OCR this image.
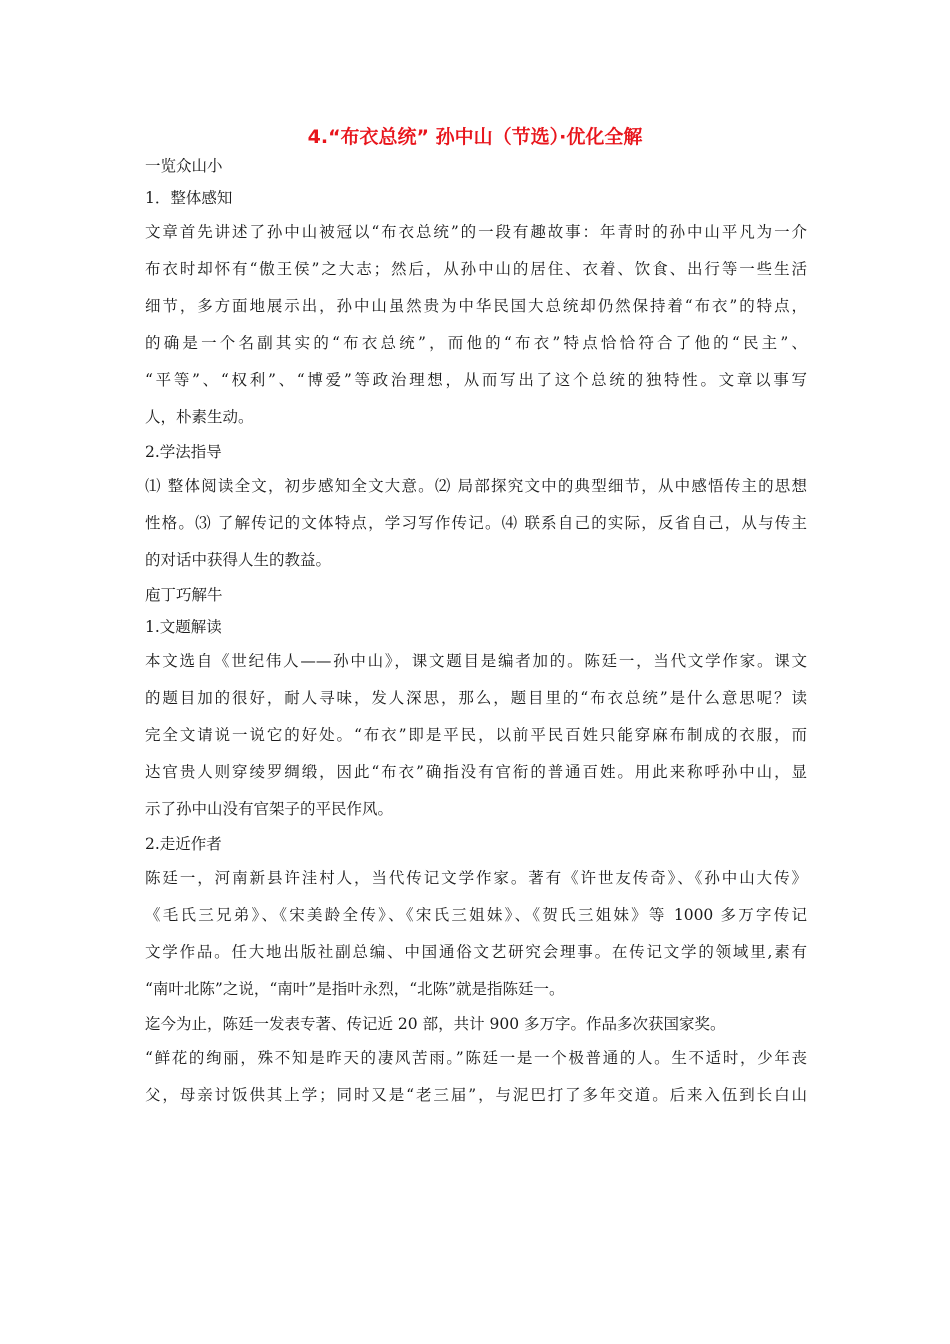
4.“布衣总统” 孙中山（节选）·优化全解

一览众山小

1．整体感知

文章首先讲述了孙中山被冠以“布衣总统”的一段有趣故事：年青时的孙中山平凡为一介

布衣时却怀有“傲王侯”之大志；然后，从孙中山的居住、衣着、饮食、出行等一些生活

细节，多方面地展示出，孙中山虽然贵为中华民国大总统却仍然保持着“布衣”的特点，

的确是一个名副其实的“布衣总统”，而他的“布衣”特点恰恰符合了他的“民主”、

“平等”、“权利”、“博爱”等政治理想，从而写出了这个总统的独特性。文章以事写

人，朴素生动。

2.学法指导

⑴ 整体阅读全文，初步感知全文大意。⑵ 局部探究文中的典型细节，从中感悟传主的思想

性格。⑶ 了解传记的文体特点，学习写作传记。⑷ 联系自己的实际，反省自己，从与传主

的对话中获得人生的教益。

庖丁巧解牛

1.文题解读

本文选自《世纪伟人——孙中山》，课文题目是编者加的。陈廷一，当代文学作家。课文

的题目加的很好，耐人寻味，发人深思，那么，题目里的“布衣总统”是什么意思呢？读

完全文请说一说它的好处。“布衣”即是平民，以前平民百姓只能穿麻布制成的衣服，而

达官贵人则穿绫罗绸缎，因此“布衣”确指没有官衔的普通百姓。用此来称呼孙中山，显

示了孙中山没有官架子的平民作风。

2.走近作者

陈廷一，河南新县许洼村人，当代传记文学作家。著有《许世友传奇》、《孙中山大传》

《毛氏三兄弟》、《宋美龄全传》、《宋氏三姐妹》、《贺氏三姐妹》等 1000 多万字传记

文学作品。任大地出版社副总编、中国通俗文艺研究会理事。在传记文学的领域里,素有

“南叶北陈”之说，“南叶”是指叶永烈，“北陈”就是指陈廷一。

迄今为止，陈廷一发表专著、传记近 20 部，共计 900 多万字。作品多次获国家奖。

“鲜花的绚丽，殊不知是昨天的凄风苦雨。”陈廷一是一个极普通的人。生不适时，少年丧

父，母亲讨饭供其上学；同时又是“老三届”，与泥巴打了多年交道。后来入伍到长白山
